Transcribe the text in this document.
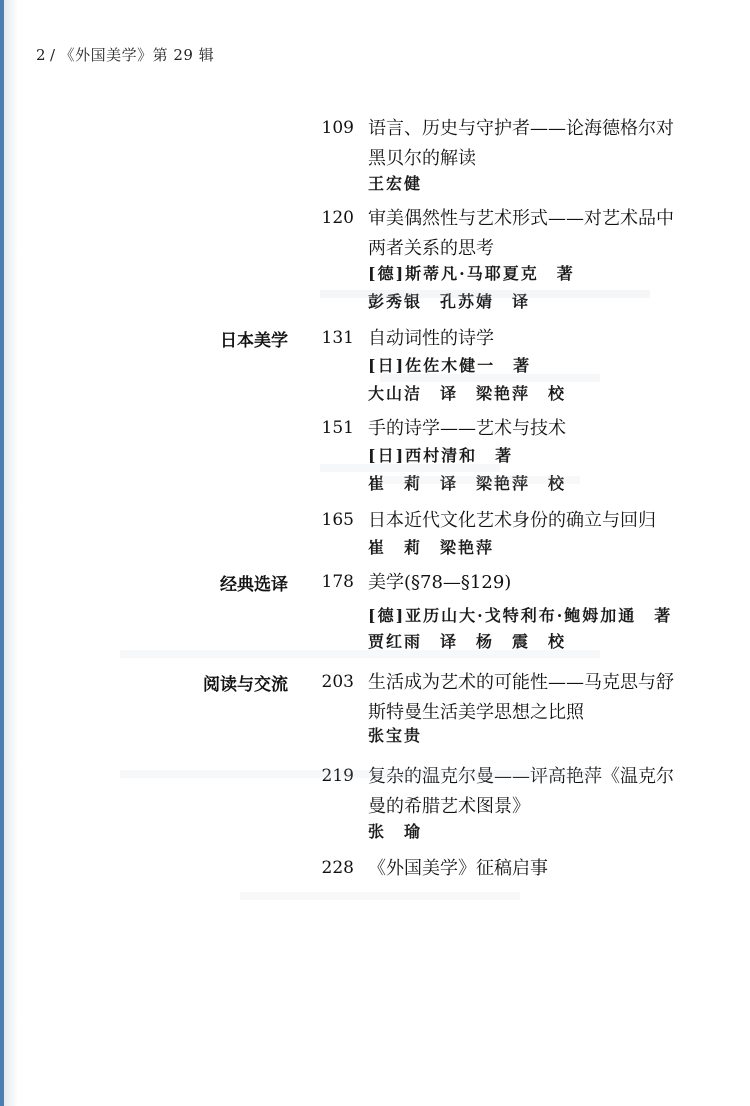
2 / 《外国美学》第 29 辑
109 语言、历史与守护者——论海德格尔对黑贝尔的解读
王宏健
120 审美偶然性与艺术形式——对艺术品中两者关系的思考
[德]斯蒂凡·马耶夏克　著
彭秀银　孔苏婧　译
日本美学 131 自动词性的诗学
[日]佐佐木健一　著
大山洁　译　梁艳萍　校
151 手的诗学——艺术与技术
[日]西村清和　著
崔　莉　译　梁艳萍　校
165 日本近代文化艺术身份的确立与回归
崔　莉　梁艳萍
经典选译 178 美学(§78—§129)
[德]亚历山大·戈特利布·鲍姆加通　著
贾红雨　译　杨　震　校
阅读与交流 203 生活成为艺术的可能性——马克思与舒斯特曼生活美学思想之比照
张宝贵
219 复杂的温克尔曼——评高艳萍《温克尔曼的希腊艺术图景》
张　瑜
228 《外国美学》征稿启事
